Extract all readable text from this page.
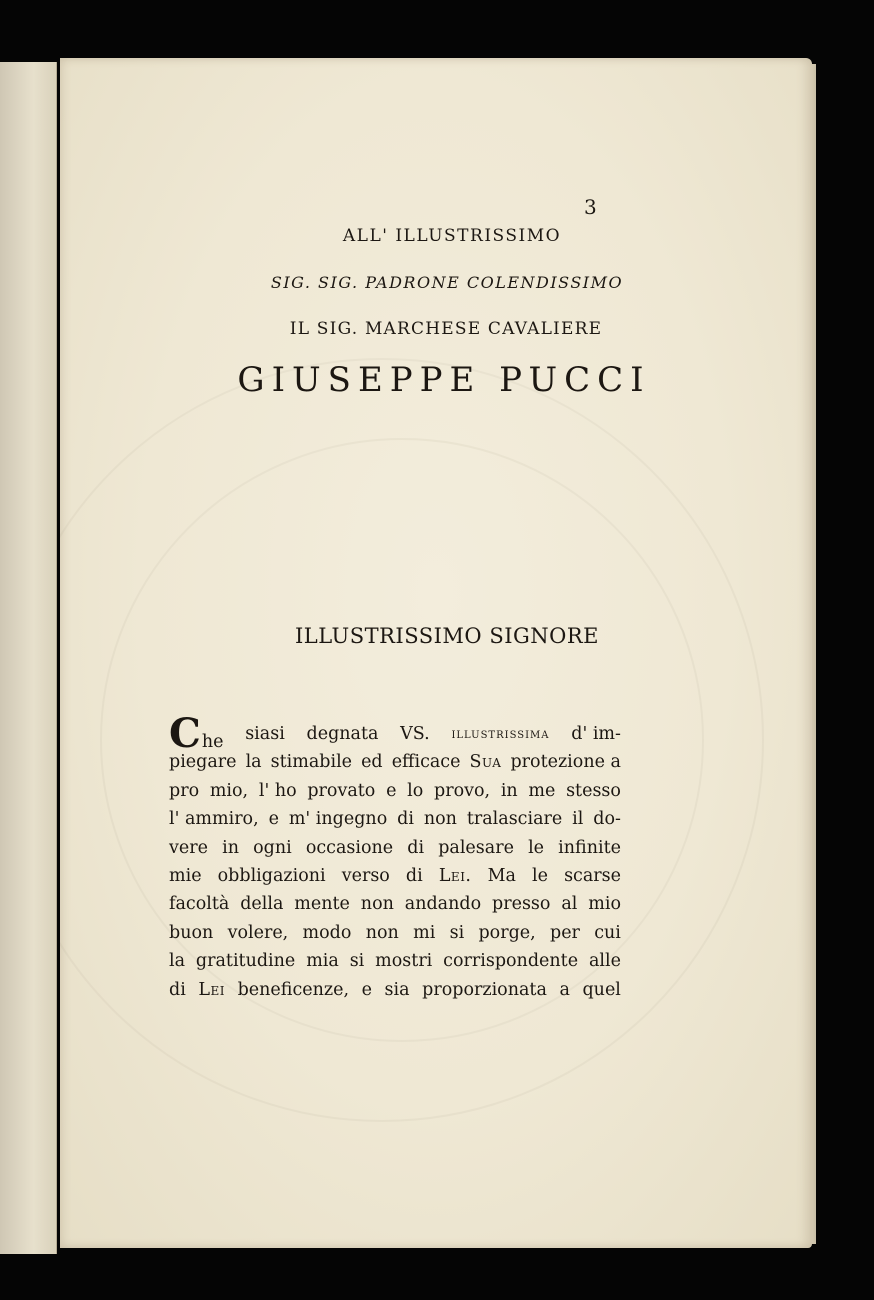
3
ALL' ILLUSTRISSIMO
SIG. SIG. PADRONE COLENDISSIMO
IL SIG. MARCHESE CAVALIERE
GIUSEPPE PUCCI
ILLUSTRISSIMO SIGNORE
Che siasi degnata VS. illustrissima d' im-
piegare la stimabile ed efficace Sua protezione a
pro mio, l' ho provato e lo provo, in me stesso
l' ammiro, e m' ingegno di non tralasciare il do-
vere in ogni occasione di palesare le infinite
mie obbligazioni verso di Lei. Ma le scarse
facoltà della mente non andando presso al mio
buon volere, modo non mi si porge, per cui
la gratitudine mia si mostri corrispondente alle
di Lei beneficenze, e sia proporzionata a quel
